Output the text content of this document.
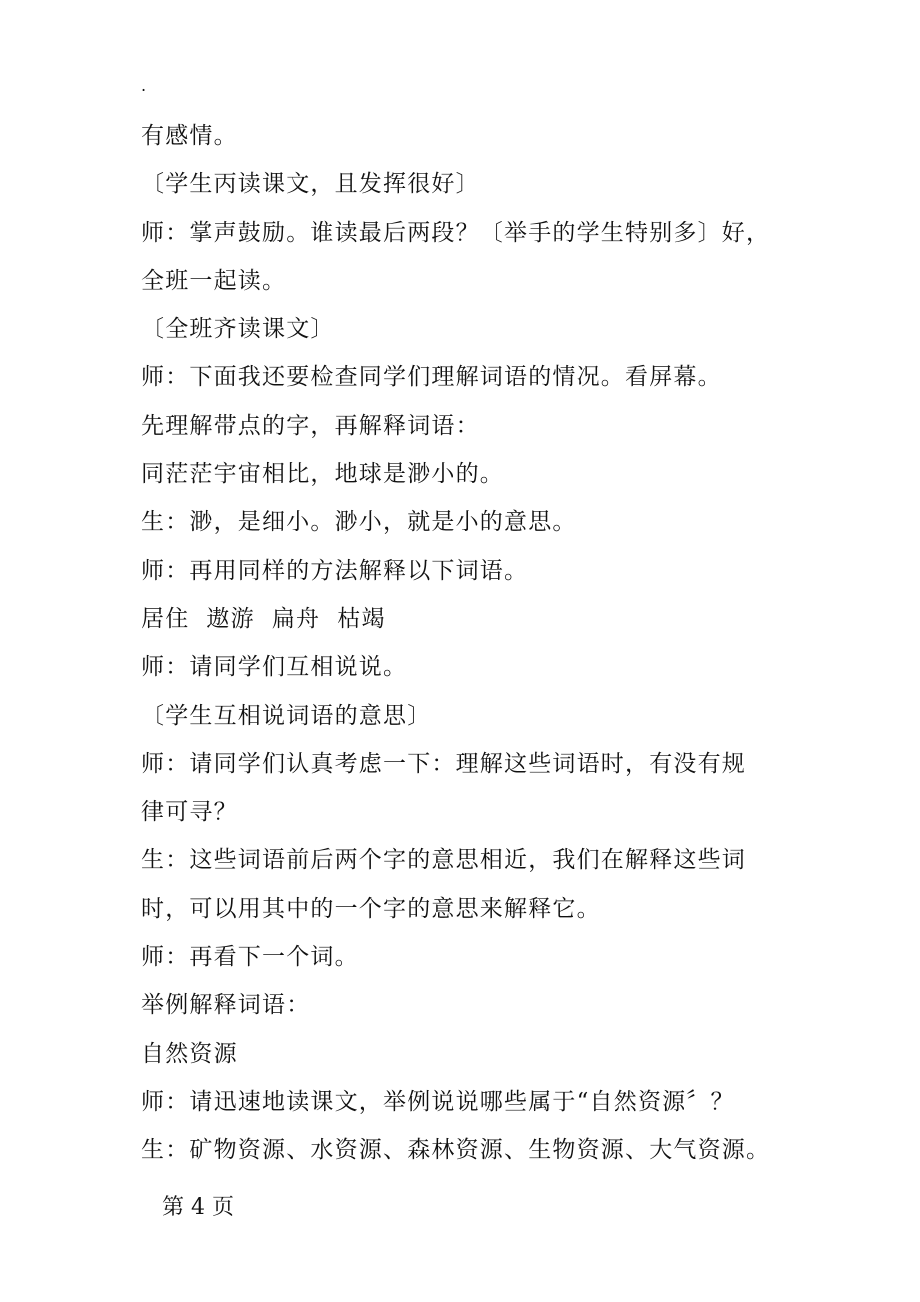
.
有感情。
〔学生丙读课文，且发挥很好〕
师：掌声鼓励。谁读最后两段？〔举手的学生特别多〕好，
全班一起读。
〔全班齐读课文〕
师：下面我还要检查同学们理解词语的情况。看屏幕。
先理解带点的字，再解释词语：
同茫茫宇宙相比，地球是渺小的。
生：渺，是细小。渺小，就是小的意思。
师：再用同样的方法解释以下词语。
居住  遨游  扁舟  枯竭
师：请同学们互相说说。
〔学生互相说词语的意思〕
师：请同学们认真考虑一下：理解这些词语时，有没有规
律可寻？
生：这些词语前后两个字的意思相近，我们在解释这些词
时，可以用其中的一个字的意思来解释它。
师：再看下一个词。
举例解释词语：
自然资源
师：请迅速地读课文，举例说说哪些属于“自然资源〞？
生：矿物资源、水资源、森林资源、生物资源、大气资源。
第 4 页
